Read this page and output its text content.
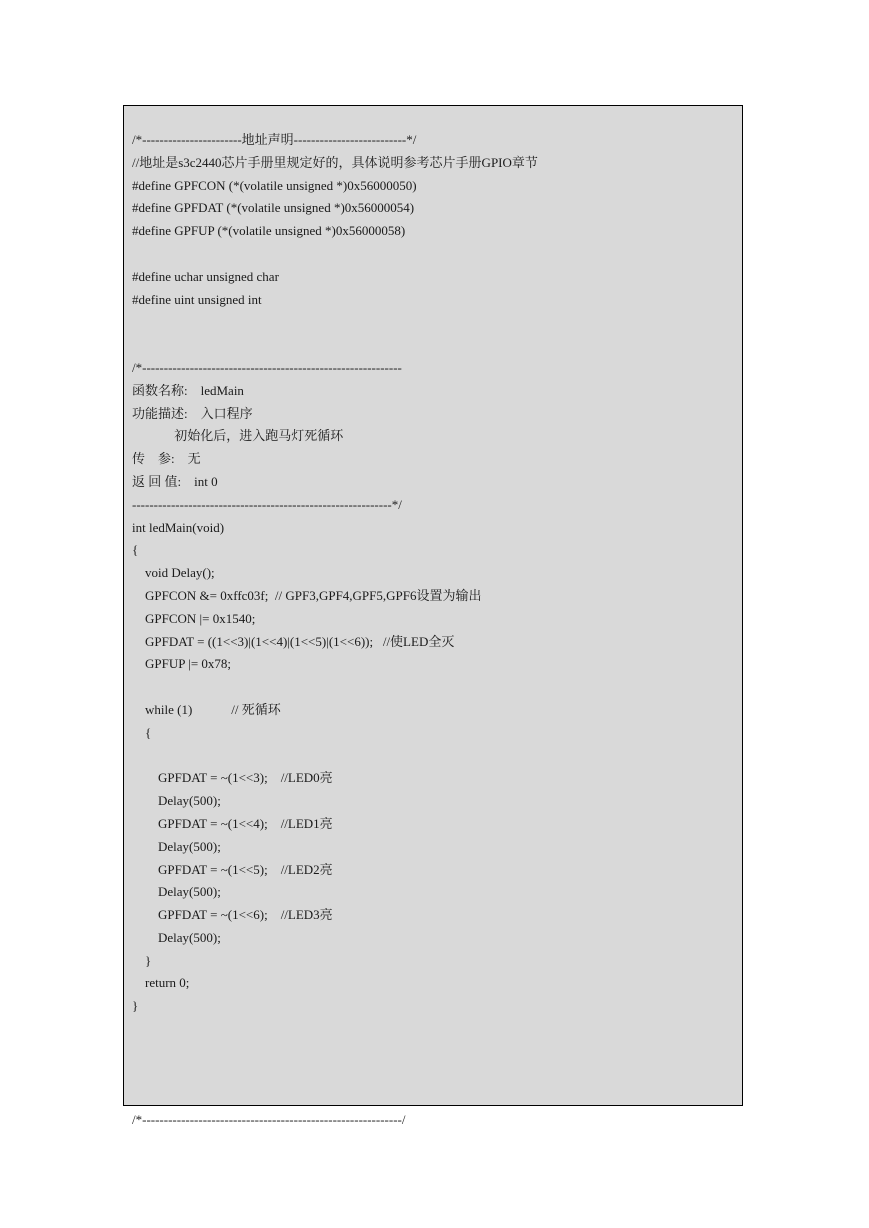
/*-----------------------地址声明--------------------------*/
//地址是s3c2440芯片手册里规定好的，具体说明参考芯片手册GPIO章节
#define GPFCON (*(volatile unsigned *)0x56000050)
#define GPFDAT (*(volatile unsigned *)0x56000054)
#define GPFUP (*(volatile unsigned *)0x56000058)
#define uchar unsigned char
#define uint unsigned int
/*------------------------------------------------------------
函数名称:    ledMain
功能描述:    入口程序
初始化后，进入跑马灯死循环
传    参:    无
返 回 值:    int 0
------------------------------------------------------------*/
int ledMain(void)
{
void Delay();
GPFCON &= 0xffc03f;  // GPF3,GPF4,GPF5,GPF6设置为输出
GPFCON |= 0x1540;
GPFDAT = ((1<<3)|(1<<4)|(1<<5)|(1<<6));   //使LED全灭
GPFUP |= 0x78;
while (1)            // 死循环
{
GPFDAT = ~(1<<3);    //LED0亮
Delay(500);
GPFDAT = ~(1<<4);    //LED1亮
Delay(500);
GPFDAT = ~(1<<5);    //LED2亮
Delay(500);
GPFDAT = ~(1<<6);    //LED3亮
Delay(500);
}
return 0;
}
/*------------------------------------------------------------/
